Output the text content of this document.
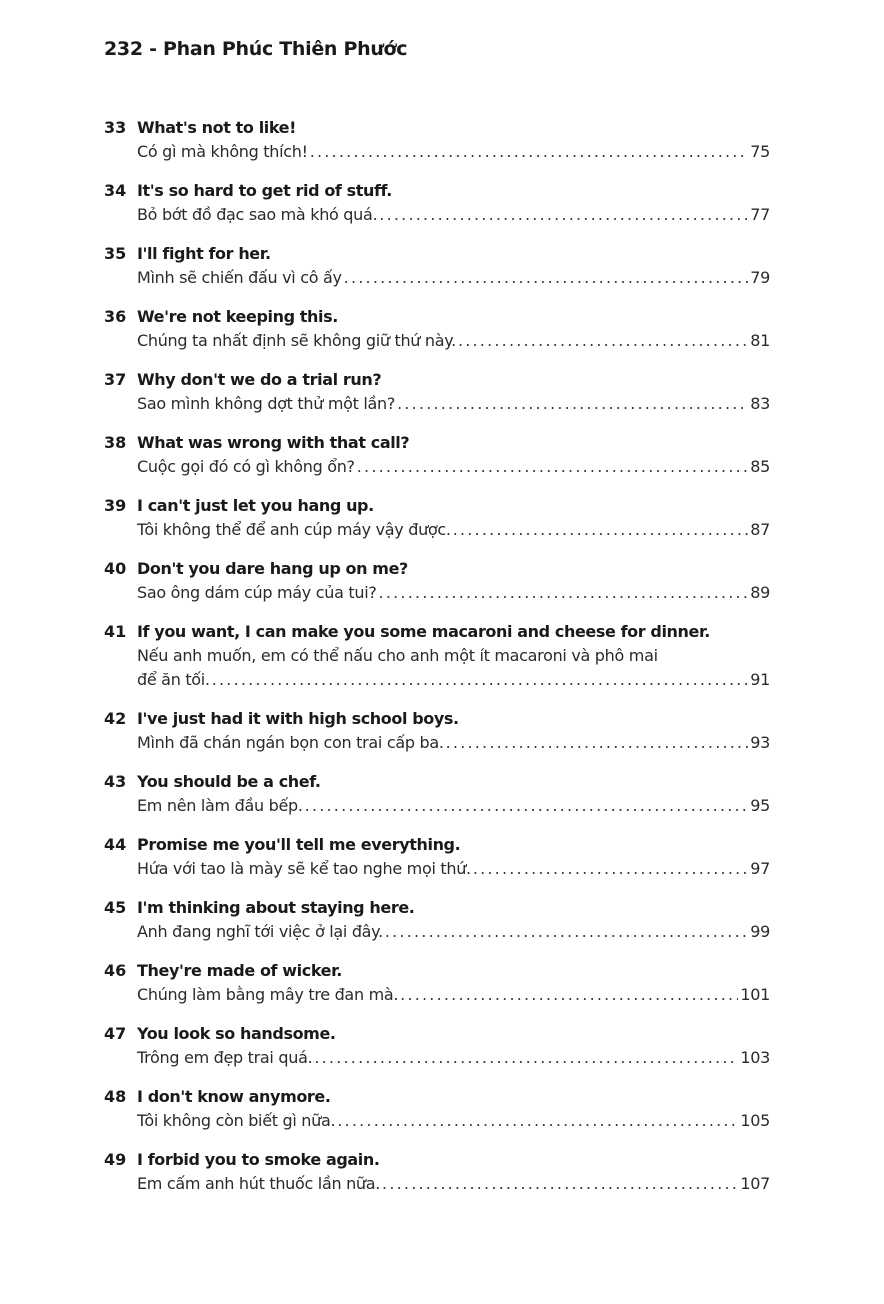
232 - Phan Phúc Thiên Phước
33 What's not to like!
Có gì mà không thích! .....	75
34 It's so hard to get rid of stuff.
Bỏ bớt đồ đạc sao mà khó quá. .....	77
35 I'll fight for her.
Mình sẽ chiến đấu vì cô ấy .....	79
36 We're not keeping this.
Chúng ta nhất định sẽ không giữ thứ này. .....	81
37 Why don't we do a trial run?
Sao mình không dợt thử một lần? .....	83
38 What was wrong with that call?
Cuộc gọi đó có gì không ổn? .....	85
39 I can't just let you hang up.
Tôi không thể để anh cúp máy vậy được. .....	87
40 Don't you dare hang up on me?
Sao ông dám cúp máy của tui? .....	89
41 If you want, I can make you some macaroni and cheese for dinner.
Nếu anh muốn, em có thể nấu cho anh một ít macaroni và phô mai
để ăn tối. .....	91
42 I've just had it with high school boys.
Mình đã chán ngán bọn con trai cấp ba. .....	93
43 You should be a chef.
Em nên làm đầu bếp. .....	95
44 Promise me you'll tell me everything.
Hứa với tao là mày sẽ kể tao nghe mọi thứ. .....	97
45 I'm thinking about staying here.
Anh đang nghĩ tới việc ở lại đây. .....	99
46 They're made of wicker.
Chúng làm bằng mây tre đan mà. .....	101
47 You look so handsome.
Trông em đẹp trai quá. .....	103
48 I don't know anymore.
Tôi không còn biết gì nữa. .....	105
49 I forbid you to smoke again.
Em cấm anh hút thuốc lần nữa. .....	107
